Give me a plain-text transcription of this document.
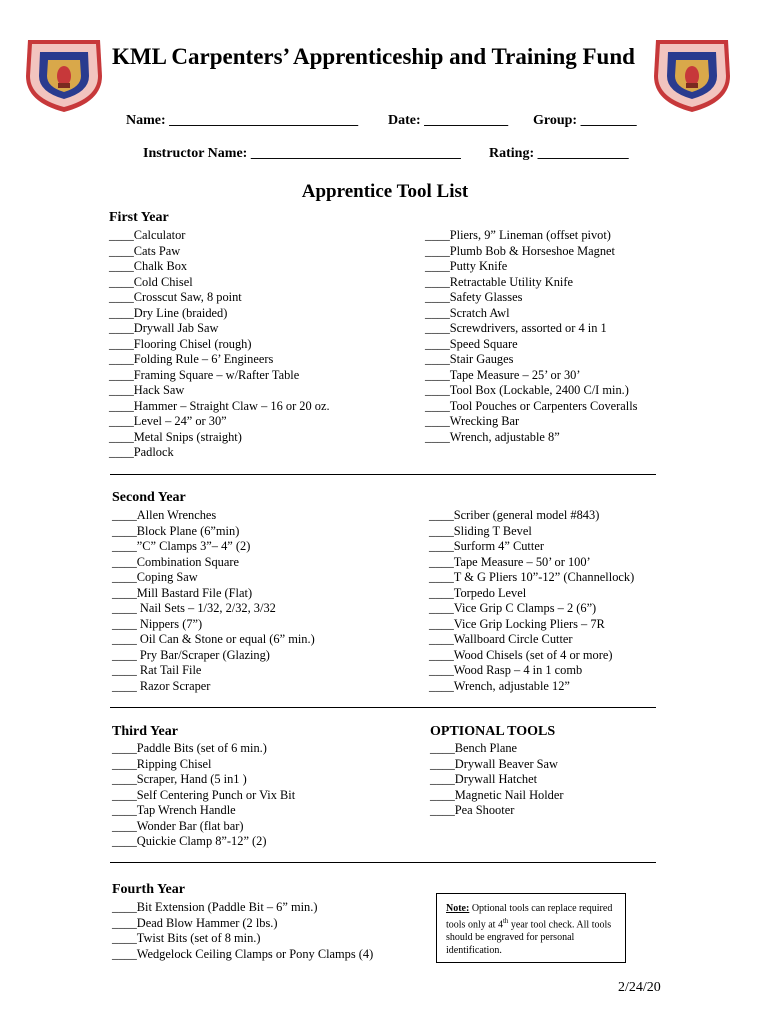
KML Carpenters’ Apprenticeship and Training Fund
Name: ___________________________ Date: ____________ Group: ________
Instructor Name: ______________________________ Rating: _____________
Apprentice Tool List
First Year
____Calculator
____Cats Paw
____Chalk Box
____Cold Chisel
____Crosscut Saw, 8 point
____Dry Line (braided)
____Drywall Jab Saw
____Flooring Chisel (rough)
____Folding Rule – 6’ Engineers
____Framing Square – w/Rafter Table
____Hack Saw
____Hammer – Straight Claw – 16 or 20 oz.
____Level – 24” or 30”
____Metal Snips (straight)
____Padlock
____Pliers, 9” Lineman (offset pivot)
____Plumb Bob & Horseshoe Magnet
____Putty Knife
____Retractable Utility Knife
____Safety Glasses
____Scratch Awl
____Screwdrivers, assorted or 4 in 1
____Speed Square
____Stair Gauges
____Tape Measure – 25’ or 30’
____Tool Box (Lockable, 2400 C/I min.)
____Tool Pouches or Carpenters Coveralls
____Wrecking Bar
____Wrench, adjustable 8”
Second Year
____Allen Wrenches
____Block Plane (6”min)
____”C” Clamps 3”– 4” (2)
____Combination Square
____Coping Saw
____Mill Bastard File (Flat)
____ Nail Sets – 1/32, 2/32, 3/32
____ Nippers (7”)
____ Oil Can & Stone or equal (6” min.)
____ Pry Bar/Scraper (Glazing)
____ Rat Tail File
____ Razor Scraper
____Scriber (general model #843)
____Sliding T Bevel
____Surform 4” Cutter
____Tape Measure – 50’ or 100’
____T & G Pliers 10”-12” (Channellock)
____Torpedo Level
____Vice Grip C Clamps – 2 (6”)
____Vice Grip Locking Pliers – 7R
____Wallboard Circle Cutter
____Wood Chisels (set of 4 or more)
____Wood Rasp – 4 in 1 comb
____Wrench, adjustable 12”
Third Year
____Paddle Bits (set of 6 min.)
____Ripping Chisel
____Scraper, Hand (5 in1 )
____Self Centering Punch or Vix Bit
____Tap Wrench Handle
____Wonder Bar (flat bar)
____Quickie Clamp 8”-12” (2)
OPTIONAL TOOLS
____Bench Plane
____Drywall Beaver Saw
____Drywall Hatchet
____Magnetic Nail Holder
____Pea Shooter
Fourth Year
____Bit Extension (Paddle Bit – 6” min.)
____Dead Blow Hammer (2 lbs.)
____Twist Bits (set of 8 min.)
____Wedgelock Ceiling Clamps or Pony Clamps (4)
Note: Optional tools can replace required tools only at 4th year tool check. All tools should be engraved for personal identification.
2/24/20
